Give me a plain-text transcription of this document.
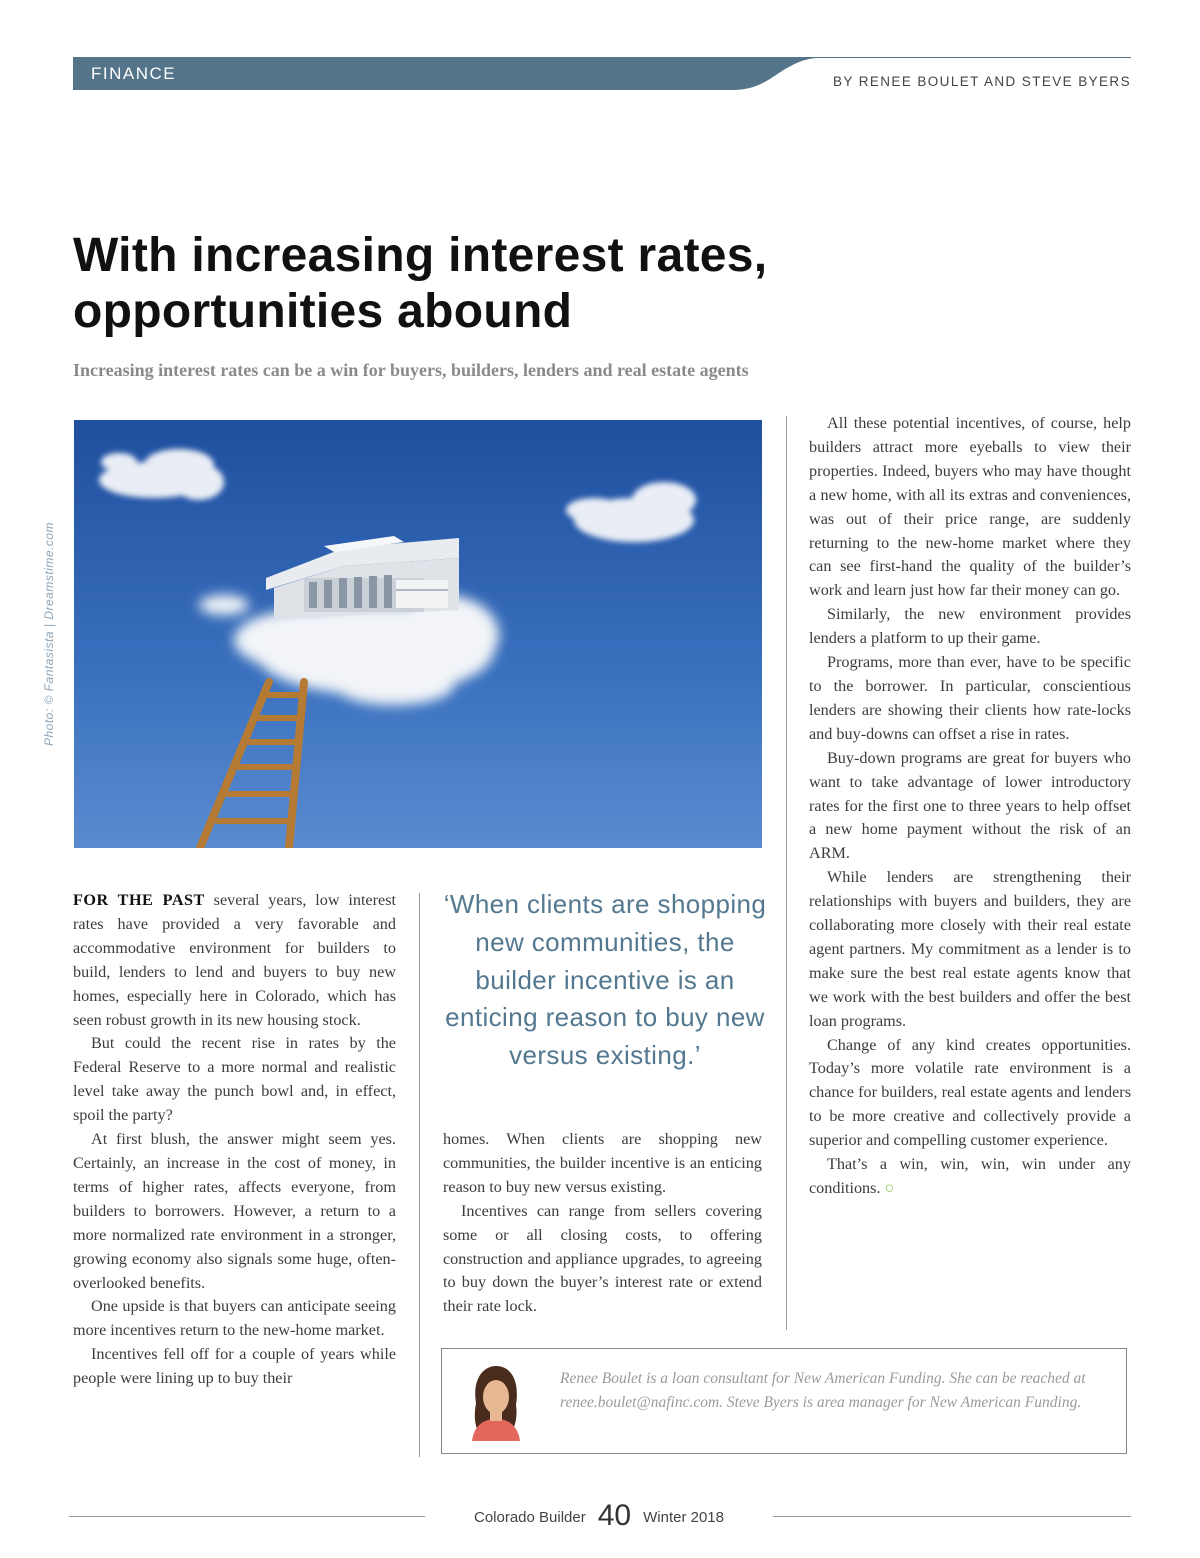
FINANCE	BY RENEE BOULET AND STEVE BYERS
With increasing interest rates,
opportunities abound
Increasing interest rates can be a win for buyers, builders, lenders and real estate agents
Photo: © Fantasista | Dreamstime.com

FOR THE PAST several years, low interest rates have provided a very favorable and accommodative environment for builders to build, lenders to lend and buyers to buy new homes, especially here in Colorado, which has seen robust growth in its new housing stock.

But could the recent rise in rates by the Federal Reserve to a more normal and realistic level take away the punch bowl and, in effect, spoil the party?

At first blush, the answer might seem yes. Certainly, an increase in the cost of money, in terms of higher rates, affects everyone, from builders to borrowers. However, a return to a more normalized rate environment in a stronger, growing economy also signals some huge, often-overlooked benefits.

One upside is that buyers can anticipate seeing more incentives return to the new-home market.

Incentives fell off for a couple of years while people were lining up to buy their

‘When clients are shopping new communities, the builder incentive is an enticing reason to buy new versus existing.’

homes. When clients are shopping new communities, the builder incentive is an enticing reason to buy new versus existing.

Incentives can range from sellers covering some or all closing costs, to offering construction and appliance upgrades, to agreeing to buy down the buyer’s interest rate or extend their rate lock.

All these potential incentives, of course, help builders attract more eyeballs to view their properties. Indeed, buyers who may have thought a new home, with all its extras and conveniences, was out of their price range, are suddenly returning to the new-home market where they can see first-hand the quality of the builder’s work and learn just how far their money can go.

Similarly, the new environment provides lenders a platform to up their game.

Programs, more than ever, have to be specific to the borrower. In particular, conscientious lenders are showing their clients how rate-locks and buy-downs can offset a rise in rates.

Buy-down programs are great for buyers who want to take advantage of lower introductory rates for the first one to three years to help offset a new home payment without the risk of an ARM.

While lenders are strengthening their relationships with buyers and builders, they are collaborating more closely with their real estate agent partners. My commitment as a lender is to make sure the best real estate agents know that we work with the best builders and offer the best loan programs.

Change of any kind creates opportunities. Today’s more volatile rate environment is a chance for builders, real estate agents and lenders to be more creative and collectively provide a superior and compelling customer experience.

That’s a win, win, win, win under any conditions. ○

Renee Boulet is a loan consultant for New American Funding. She can be reached at renee.boulet@nafinc.com. Steve Byers is area manager for New American Funding.
Colorado Builder 40 Winter 2018
